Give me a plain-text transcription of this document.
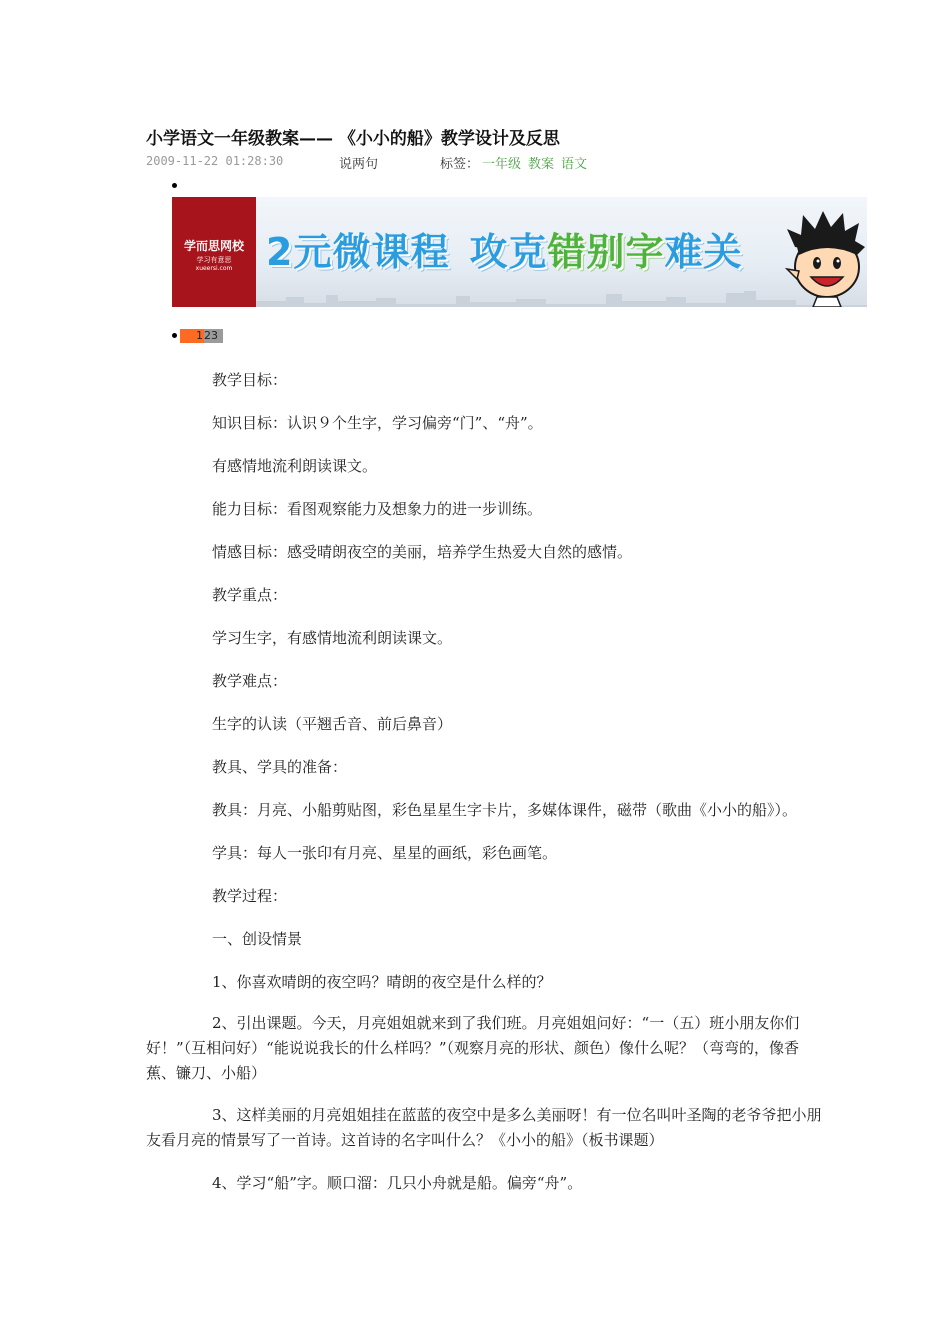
小学语文一年级教案—— 《小小的船》教学设计及反思
2009-11-22 01:28:30	说两句	标签： 一年级 教案 语文
学而思网校
学习有意思
xueersi.com 2元微课程 攻克错别字难关
1 23
教学目标：
知识目标：认识９个生字，学习偏旁“门”、“舟”。
有感情地流利朗读课文。
能力目标：看图观察能力及想象力的进一步训练。
情感目标：感受晴朗夜空的美丽，培养学生热爱大自然的感情。
教学重点：
学习生字，有感情地流利朗读课文。
教学难点：
生字的认读（平翘舌音、前后鼻音）
教具、学具的准备：
教具：月亮、小船剪贴图，彩色星星生字卡片，多媒体课件，磁带（歌曲《小小的船》）。
学具：每人一张印有月亮、星星的画纸，彩色画笔。
教学过程：
一、创设情景
1、你喜欢晴朗的夜空吗？晴朗的夜空是什么样的？
2、引出课题。今天，月亮姐姐就来到了我们班。月亮姐姐问好：“一（五）班小朋友你们好！”（互相问好）“能说说我长的什么样吗？”（观察月亮的形状、颜色）像什么呢？（弯弯的，像香蕉、镰刀、小船）
3、这样美丽的月亮姐姐挂在蓝蓝的夜空中是多么美丽呀！有一位名叫叶圣陶的老爷爷把小朋友看月亮的情景写了一首诗。这首诗的名字叫什么？《小小的船》（板书课题）
4、学习“船”字。顺口溜：几只小舟就是船。偏旁“舟”。
